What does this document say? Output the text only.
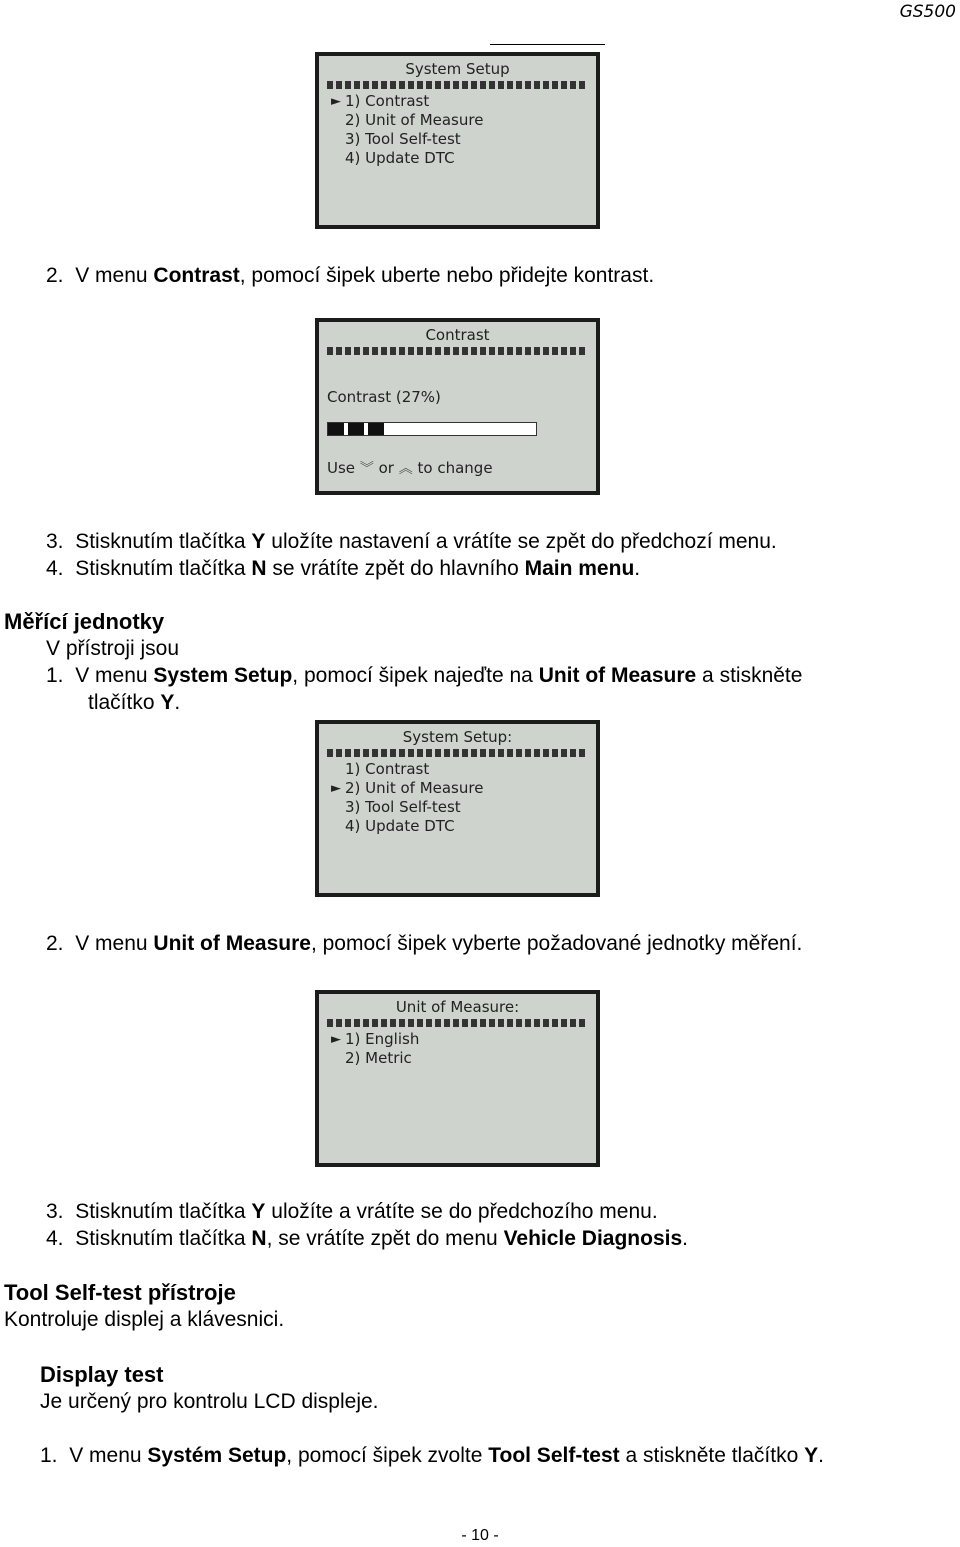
GS500
System Setup
► 1) Contrast
2) Unit of Measure
3) Tool Self-test
4) Update DTC
2. V menu Contrast, pomocí šipek uberte nebo přidejte kontrast.
Contrast
Contrast (27%)
Use ︾ or ︽ to change
3. Stisknutím tlačítka Y uložíte nastavení a vrátíte se zpět do předchozí menu.
4. Stisknutím tlačítka N se vrátíte zpět do hlavního Main menu.
Měřící jednotky
V přístroji jsou
1. V menu System Setup, pomocí šipek najeďte na Unit of Measure a stiskněte
tlačítko Y.
System Setup:
1) Contrast
► 2) Unit of Measure
3) Tool Self-test
4) Update DTC
2. V menu Unit of Measure, pomocí šipek vyberte požadované jednotky měření.
Unit of Measure:
► 1) English
2) Metric
3. Stisknutím tlačítka Y uložíte a vrátíte se do předchozího menu.
4. Stisknutím tlačítka N, se vrátíte zpět do menu Vehicle Diagnosis.
Tool Self-test přístroje
Kontroluje displej a klávesnici.
Display test
Je určený pro kontrolu LCD displeje.
1. V menu Systém Setup, pomocí šipek zvolte Tool Self-test a stiskněte tlačítko Y.
- 10 -
